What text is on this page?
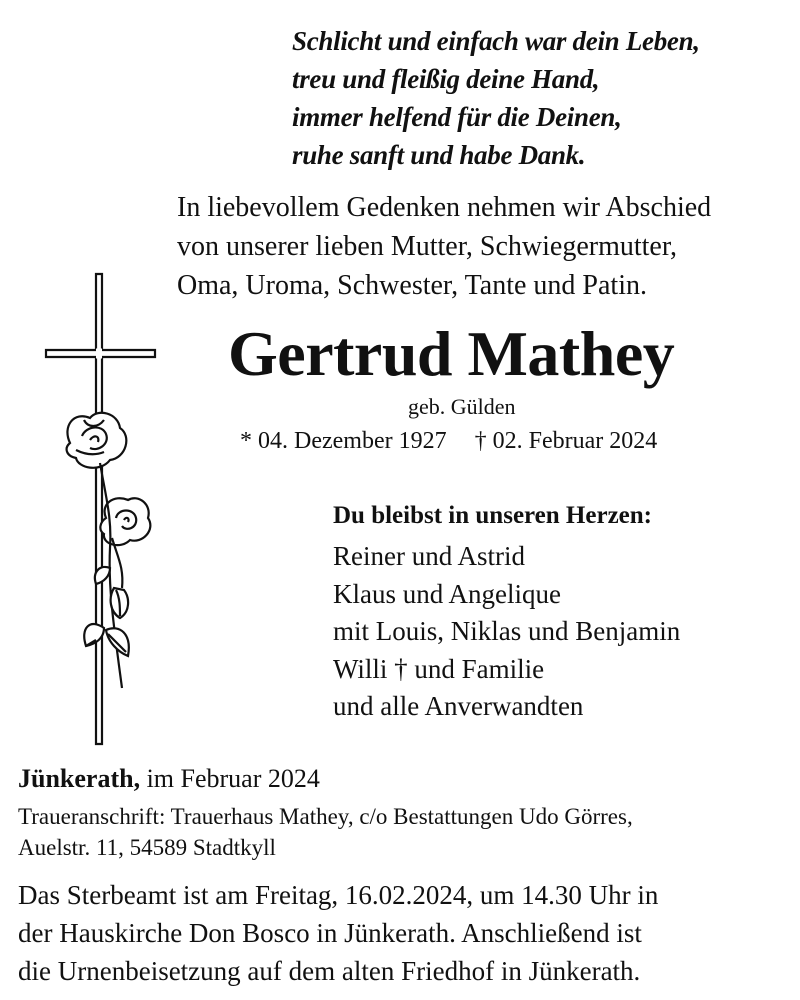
Schlicht und einfach war dein Leben,
treu und fleißig deine Hand,
immer helfend für die Deinen,
ruhe sanft und habe Dank.
In liebevollem Gedenken nehmen wir Abschied
von unserer lieben Mutter, Schwiegermutter,
Oma, Uroma, Schwester, Tante und Patin.
Gertrud Mathey
geb. Gülden
* 04. Dezember 1927 † 02. Februar 2024
Du bleibst in unseren Herzen:
Reiner und Astrid
Klaus und Angelique
mit Louis, Niklas und Benjamin
Willi † und Familie
und alle Anverwandten
Jünkerath, im Februar 2024
Traueranschrift: Trauerhaus Mathey, c/o Bestattungen Udo Görres,
Auelstr. 11, 54589 Stadtkyll
Das Sterbeamt ist am Freitag, 16.02.2024, um 14.30 Uhr in
der Hauskirche Don Bosco in Jünkerath. Anschließend ist
die Urnenbeisetzung auf dem alten Friedhof in Jünkerath.
